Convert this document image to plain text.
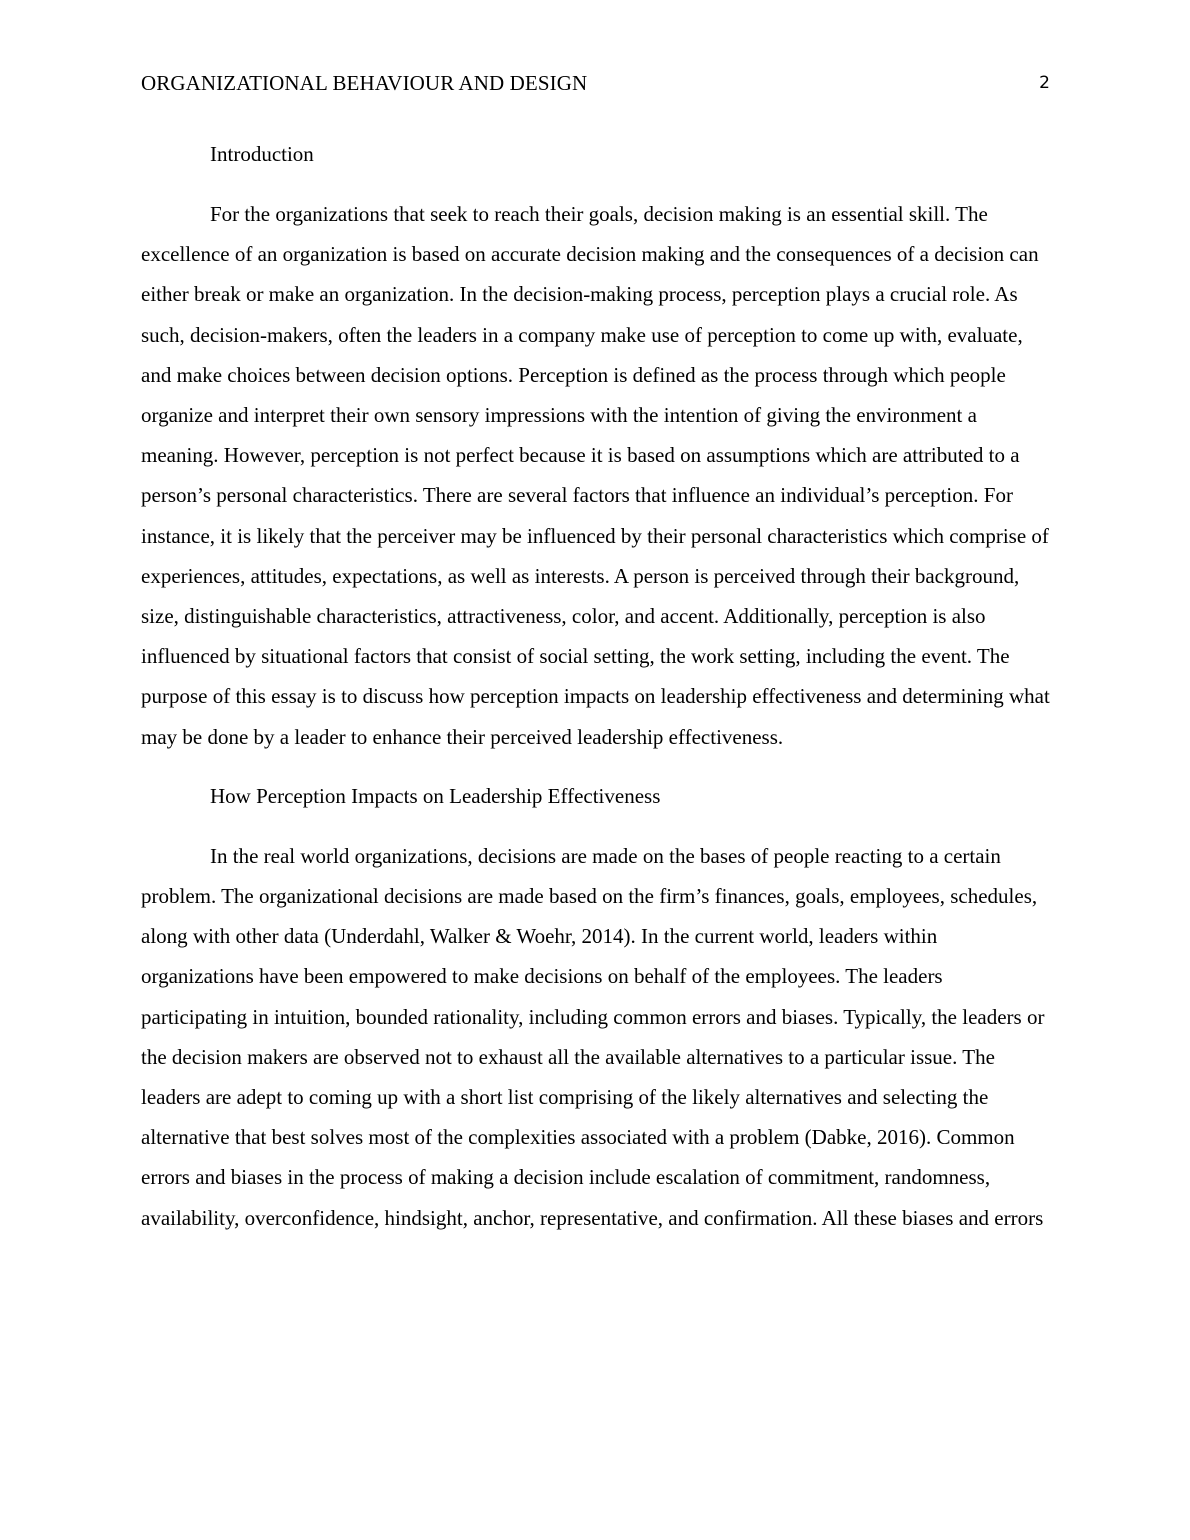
ORGANIZATIONAL BEHAVIOUR AND DESIGN	2
Introduction

For the organizations that seek to reach their goals, decision making is an essential skill. The excellence of an organization is based on accurate decision making and the consequences of a decision can either break or make an organization. In the decision-making process, perception plays a crucial role. As such, decision-makers, often the leaders in a company make use of perception to come up with, evaluate, and make choices between decision options. Perception is defined as the process through which people organize and interpret their own sensory impressions with the intention of giving the environment a meaning. However, perception is not perfect because it is based on assumptions which are attributed to a person’s personal characteristics. There are several factors that influence an individual’s perception. For instance, it is likely that the perceiver may be influenced by their personal characteristics which comprise of experiences, attitudes, expectations, as well as interests. A person is perceived through their background, size, distinguishable characteristics, attractiveness, color, and accent. Additionally, perception is also influenced by situational factors that consist of social setting, the work setting, including the event. The purpose of this essay is to discuss how perception impacts on leadership effectiveness and determining what may be done by a leader to enhance their perceived leadership effectiveness.

How Perception Impacts on Leadership Effectiveness

In the real world organizations, decisions are made on the bases of people reacting to a certain problem. The organizational decisions are made based on the firm’s finances, goals, employees, schedules, along with other data (Underdahl, Walker & Woehr, 2014). In the current world, leaders within organizations have been empowered to make decisions on behalf of the employees. The leaders participating in intuition, bounded rationality, including common errors and biases. Typically, the leaders or the decision makers are observed not to exhaust all the available alternatives to a particular issue. The leaders are adept to coming up with a short list comprising of the likely alternatives and selecting the alternative that best solves most of the complexities associated with a problem (Dabke, 2016). Common errors and biases in the process of making a decision include escalation of commitment, randomness, availability, overconfidence, hindsight, anchor, representative, and confirmation. All these biases and errors
